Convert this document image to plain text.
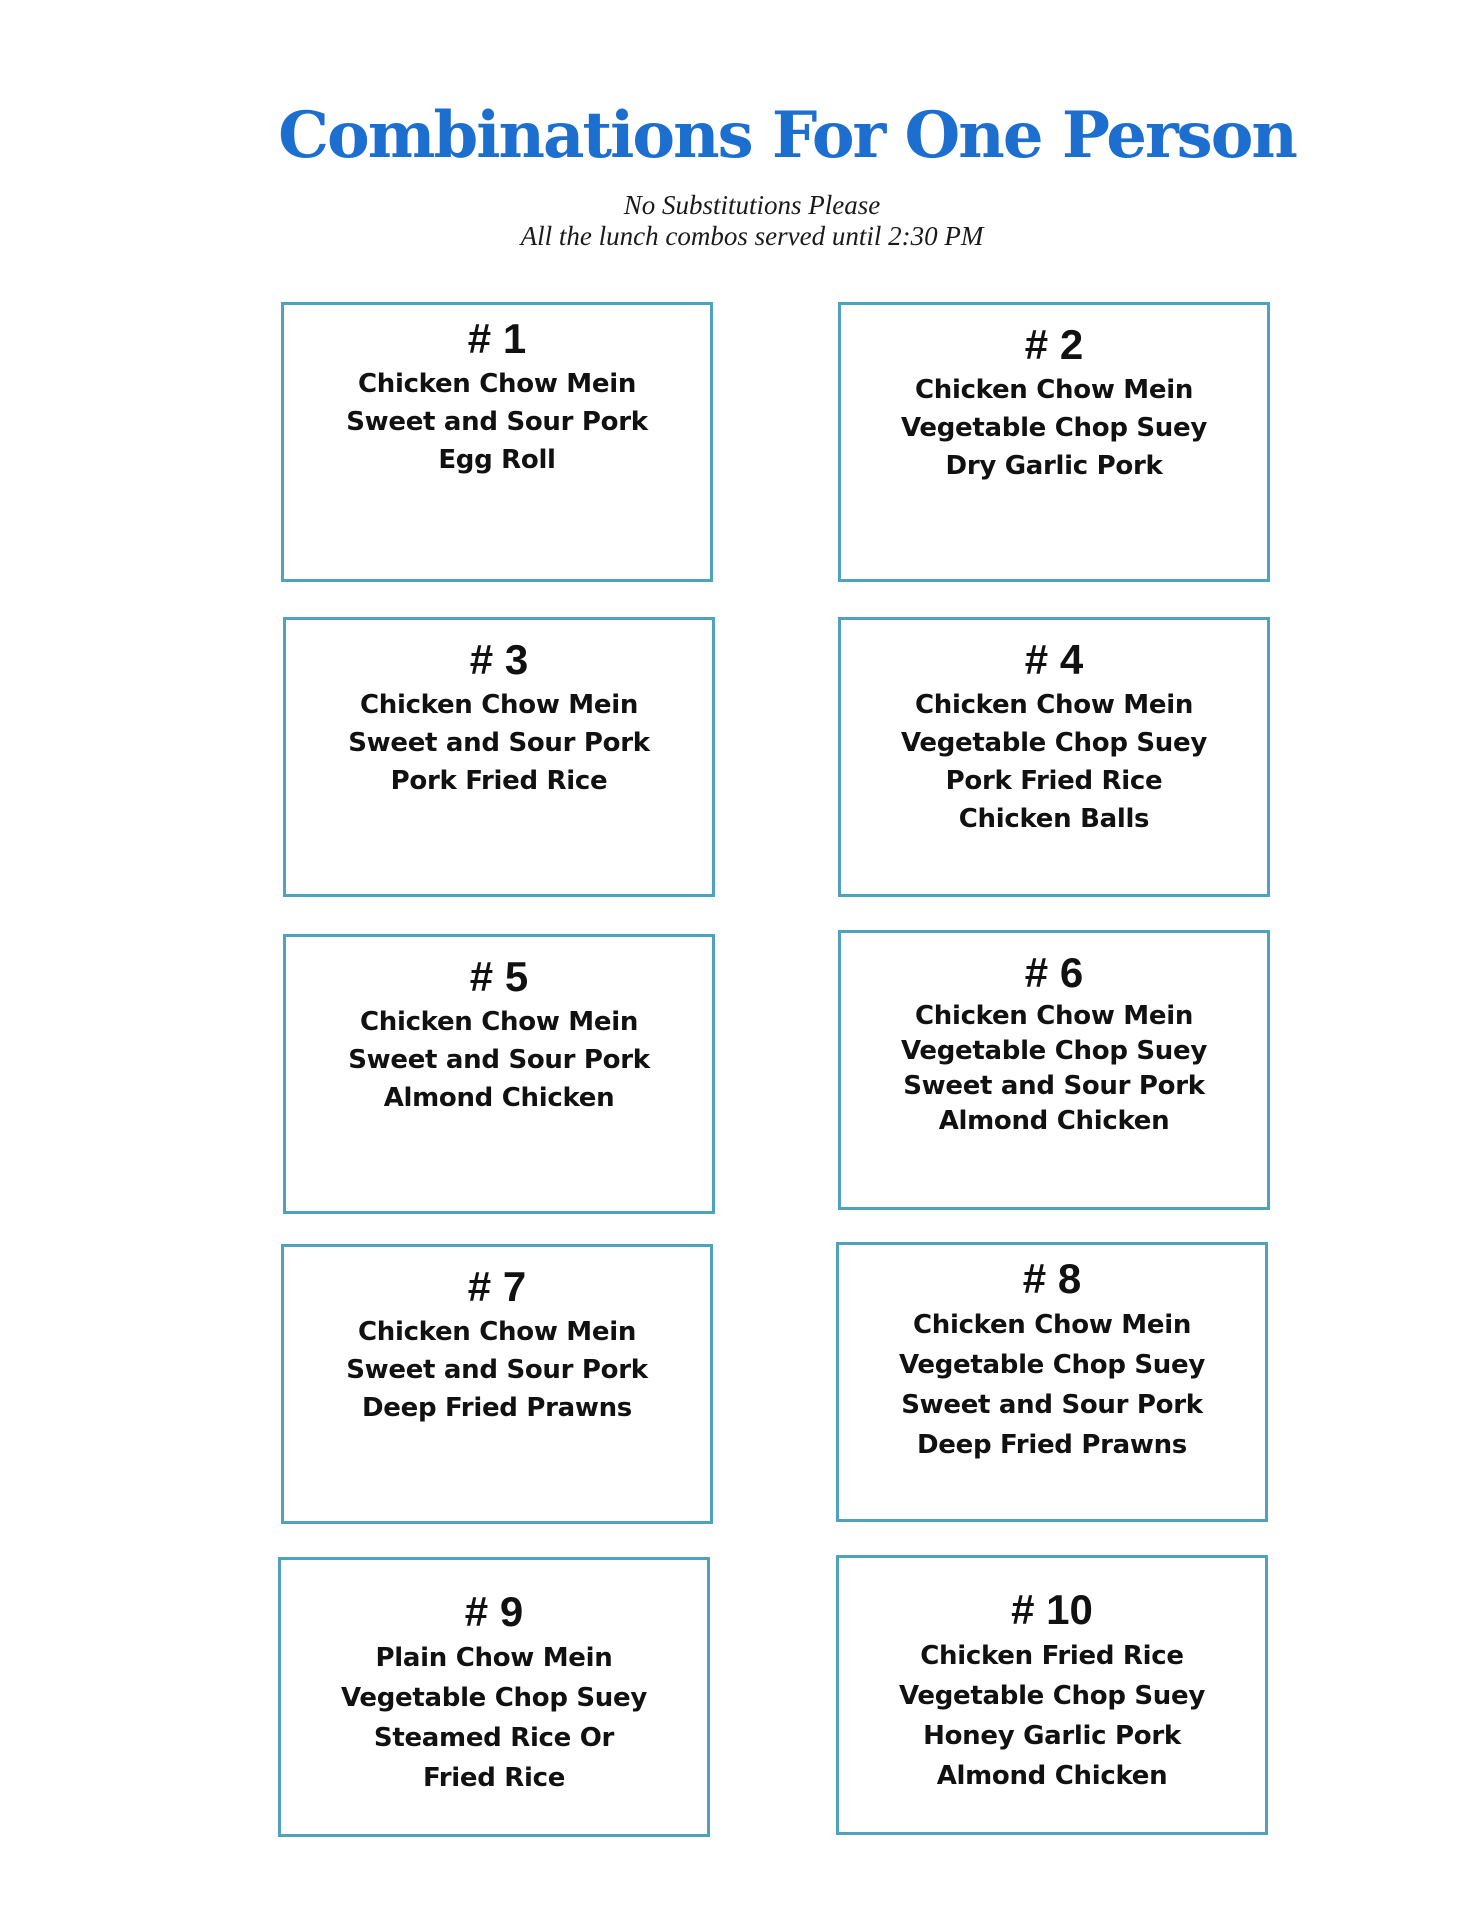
Combinations For One Person
No Substitutions Please
All the lunch combos served until 2:30 PM
# 1
Chicken Chow Mein
Sweet and Sour Pork
Egg Roll
# 2
Chicken Chow Mein
Vegetable Chop Suey
Dry Garlic Pork
# 3
Chicken Chow Mein
Sweet and Sour Pork
Pork Fried Rice
# 4
Chicken Chow Mein
Vegetable Chop Suey
Pork Fried Rice
Chicken Balls
# 5
Chicken Chow Mein
Sweet and Sour Pork
Almond Chicken
# 6
Chicken Chow Mein
Vegetable Chop Suey
Sweet and Sour Pork
Almond Chicken
# 7
Chicken Chow Mein
Sweet and Sour Pork
Deep Fried Prawns
# 8
Chicken Chow Mein
Vegetable Chop Suey
Sweet and Sour Pork
Deep Fried Prawns
# 9
Plain Chow Mein
Vegetable Chop Suey
Steamed Rice Or
Fried Rice
# 10
Chicken Fried Rice
Vegetable Chop Suey
Honey Garlic Pork
Almond Chicken
